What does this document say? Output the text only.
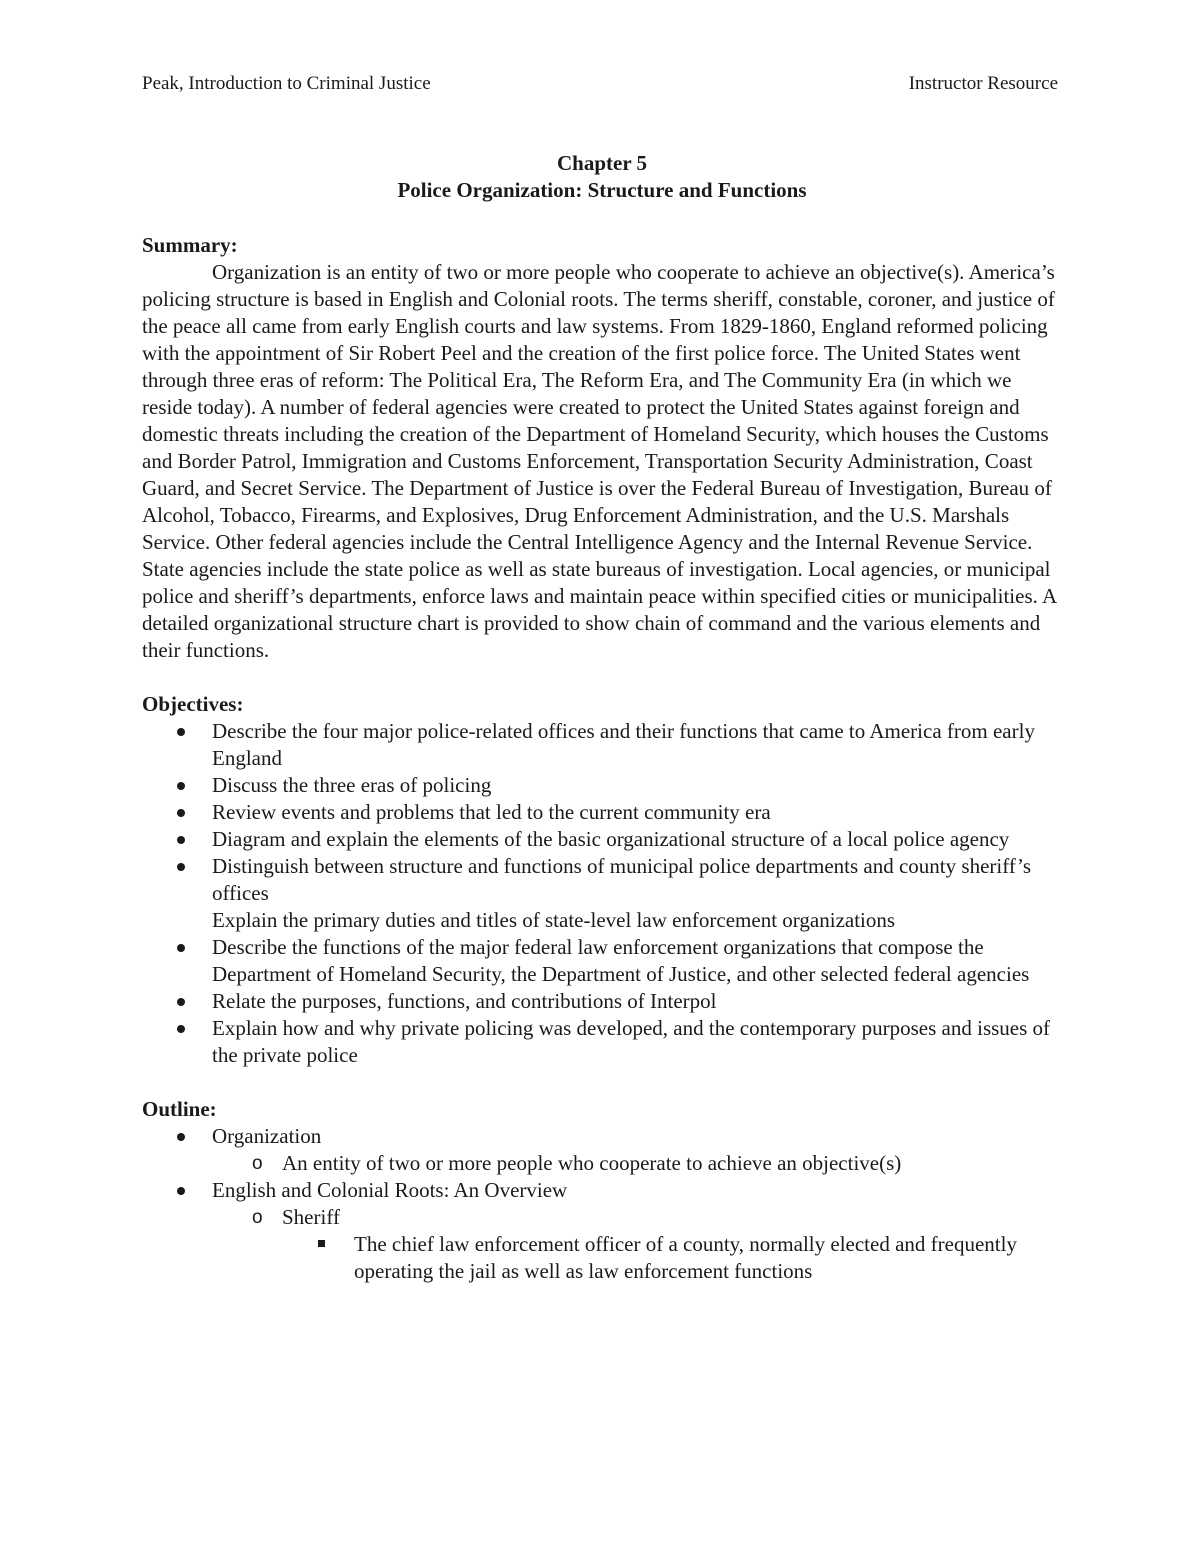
Peak, Introduction to Criminal Justice	Instructor Resource
Chapter 5
Police Organization: Structure and Functions
Summary:

Organization is an entity of two or more people who cooperate to achieve an objective(s). America’s policing structure is based in English and Colonial roots. The terms sheriff, constable, coroner, and justice of the peace all came from early English courts and law systems. From 1829-1860, England reformed policing with the appointment of Sir Robert Peel and the creation of the first police force. The United States went through three eras of reform: The Political Era, The Reform Era, and The Community Era (in which we reside today). A number of federal agencies were created to protect the United States against foreign and domestic threats including the creation of the Department of Homeland Security, which houses the Customs and Border Patrol, Immigration and Customs Enforcement, Transportation Security Administration, Coast Guard, and Secret Service. The Department of Justice is over the Federal Bureau of Investigation, Bureau of Alcohol, Tobacco, Firearms, and Explosives, Drug Enforcement Administration, and the U.S. Marshals Service. Other federal agencies include the Central Intelligence Agency and the Internal Revenue Service. State agencies include the state police as well as state bureaus of investigation. Local agencies, or municipal police and sheriff’s departments, enforce laws and maintain peace within specified cities or municipalities. A detailed organizational structure chart is provided to show chain of command and the various elements and their functions.

Objectives:
Describe the four major police-related offices and their functions that came to America from early England
Discuss the three eras of policing
Review events and problems that led to the current community era
Diagram and explain the elements of the basic organizational structure of a local police agency
Distinguish between structure and functions of municipal police departments and county sheriff’s offices
Explain the primary duties and titles of state-level law enforcement organizations
Describe the functions of the major federal law enforcement organizations that compose the Department of Homeland Security, the Department of Justice, and other selected federal agencies
Relate the purposes, functions, and contributions of Interpol
Explain how and why private policing was developed, and the contemporary purposes and issues of the private police
Outline:
Organization
o An entity of two or more people who cooperate to achieve an objective(s)
English and Colonial Roots: An Overview
o Sheriff
The chief law enforcement officer of a county, normally elected and frequently operating the jail as well as law enforcement functions
